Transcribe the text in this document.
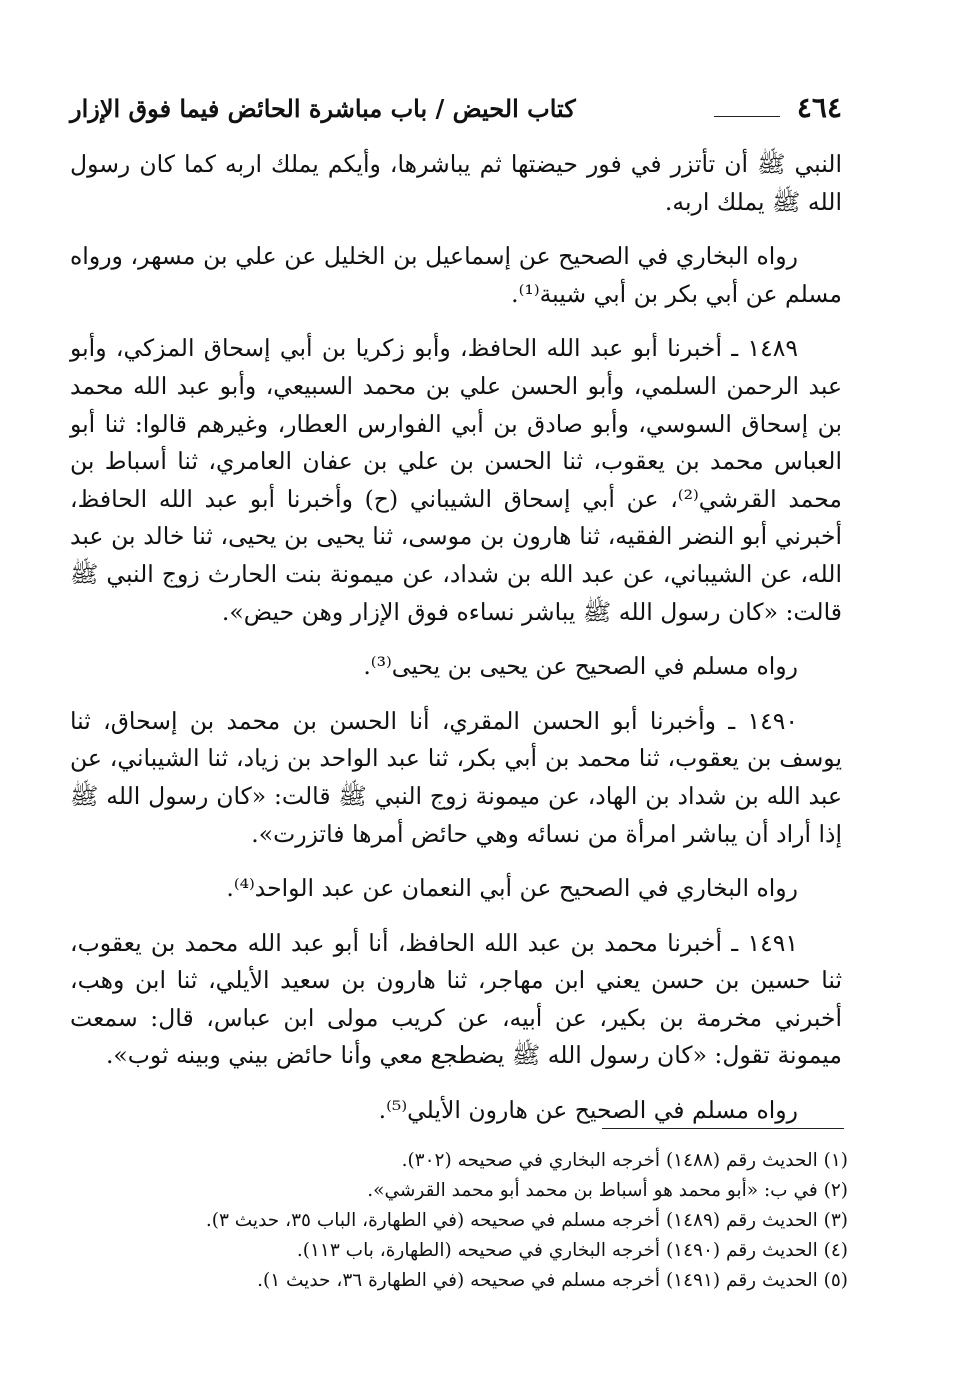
٤٦٤
كتاب الحيض / باب مباشرة الحائض فيما فوق الإزار

النبي ﷺ أن تأتزر في فور حيضتها ثم يباشرها، وأيكم يملك اربه كما كان رسول الله ﷺ يملك اربه.

رواه البخاري في الصحيح عن إسماعيل بن الخليل عن علي بن مسهر، ورواه مسلم عن أبي بكر بن أبي شيبة⁽¹⁾.

١٤٨٩ ـ أخبرنا أبو عبد الله الحافظ، وأبو زكريا بن أبي إسحاق المزكي، وأبو عبد الرحمن السلمي، وأبو الحسن علي بن محمد السبيعي، وأبو عبد الله محمد بن إسحاق السوسي، وأبو صادق بن أبي الفوارس العطار، وغيرهم قالوا: ثنا أبو العباس محمد بن يعقوب، ثنا الحسن بن علي بن عفان العامري، ثنا أسباط بن محمد القرشي⁽²⁾، عن أبي إسحاق الشيباني (ح) وأخبرنا أبو عبد الله الحافظ، أخبرني أبو النضر الفقيه، ثنا هارون بن موسى، ثنا يحيى بن يحيى، ثنا خالد بن عبد الله، عن الشيباني، عن عبد الله بن شداد، عن ميمونة بنت الحارث زوج النبي ﷺ قالت: «كان رسول الله ﷺ يباشر نساءه فوق الإزار وهن حيض».

رواه مسلم في الصحيح عن يحيى بن يحيى⁽³⁾.

١٤٩٠ ـ وأخبرنا أبو الحسن المقري، أنا الحسن بن محمد بن إسحاق، ثنا يوسف بن يعقوب، ثنا محمد بن أبي بكر، ثنا عبد الواحد بن زياد، ثنا الشيباني، عن عبد الله بن شداد بن الهاد، عن ميمونة زوج النبي ﷺ قالت: «كان رسول الله ﷺ إذا أراد أن يباشر امرأة من نسائه وهي حائض أمرها فاتزرت».

رواه البخاري في الصحيح عن أبي النعمان عن عبد الواحد⁽⁴⁾.

١٤٩١ ـ أخبرنا محمد بن عبد الله الحافظ، أنا أبو عبد الله محمد بن يعقوب، ثنا حسين بن حسن يعني ابن مهاجر، ثنا هارون بن سعيد الأيلي، ثنا ابن وهب، أخبرني مخرمة بن بكير، عن أبيه، عن كريب مولى ابن عباس، قال: سمعت ميمونة تقول: «كان رسول الله ﷺ يضطجع معي وأنا حائض بيني وبينه ثوب».

رواه مسلم في الصحيح عن هارون الأيلي⁽⁵⁾.

(١) الحديث رقم (١٤٨٨) أخرجه البخاري في صحيحه (٣٠٢).

(٢) في ب: «أبو محمد هو أسباط بن محمد أبو محمد القرشي».

(٣) الحديث رقم (١٤٨٩) أخرجه مسلم في صحيحه (في الطهارة، الباب ٣٥، حديث ٣).

(٤) الحديث رقم (١٤٩٠) أخرجه البخاري في صحيحه (الطهارة، باب ١١٣).

(٥) الحديث رقم (١٤٩١) أخرجه مسلم في صحيحه (في الطهارة ٣٦، حديث ١).
